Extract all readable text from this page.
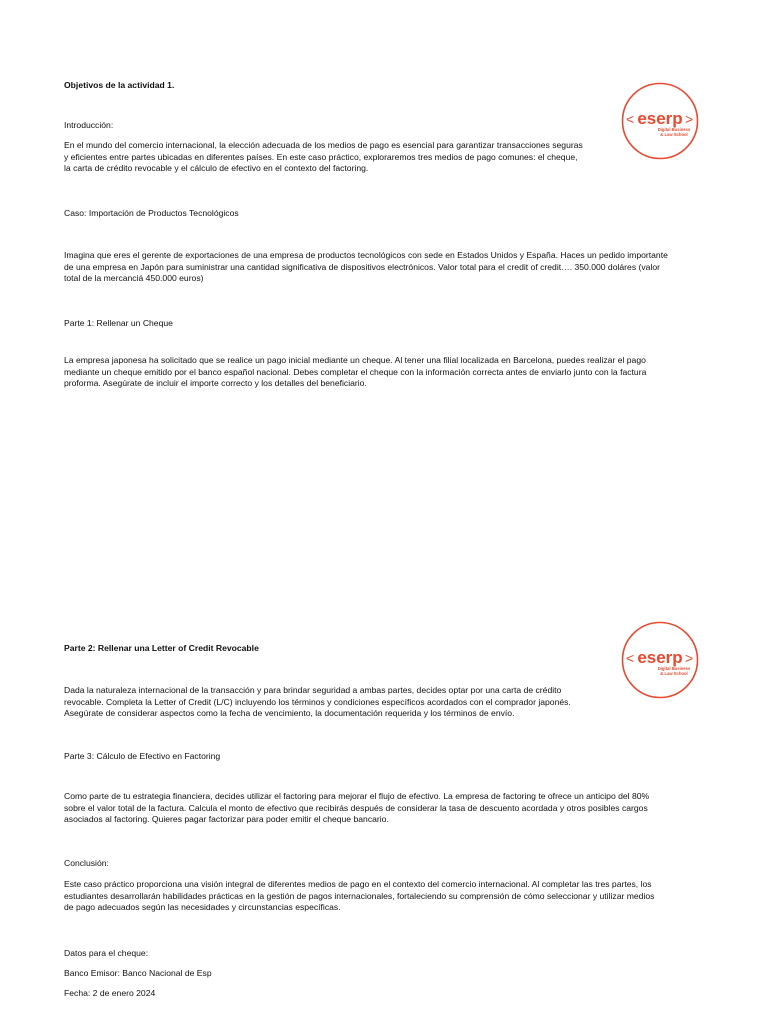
< eserp >
Digital Business
& Law School

Objetivos de la actividad 1.

Introducción:

En el mundo del comercio internacional, la elección adecuada de los medios de pago es esencial para garantizar transacciones seguras
y eficientes entre partes ubicadas en diferentes países. En este caso práctico, exploraremos tres medios de pago comunes: el cheque,
la carta de crédito revocable y el cálculo de efectivo en el contexto del factoring.

Caso: Importación de Productos Tecnológicos

Imagina que eres el gerente de exportaciones de una empresa de productos tecnológicos con sede en Estados Unidos y España. Haces un pedido importante
de una empresa en Japón para suministrar una cantidad significativa de dispositivos electrónicos. Valor total para el credit of credit…. 350.000 doláres (valor
total de la mercanciá 450.000 euros)

Parte 1: Rellenar un Cheque

La empresa japonesa ha solicitado que se realice un pago inicial mediante un cheque. Al tener una filial localizada en Barcelona, puedes realizar el pago
mediante un cheque emitido por el banco español nacional. Debes completar el cheque con la información correcta antes de enviarlo junto con la factura
proforma. Asegúrate de incluir el importe correcto y los detalles del beneficiario.
< eserp >
Digital Business
& Law School

Parte 2: Rellenar una Letter of Credit Revocable

Dada la naturaleza internacional de la transacción y para brindar seguridad a ambas partes, decides optar por una carta de crédito
revocable. Completa la Letter of Credit (L/C) incluyendo los términos y condiciones específicos acordados con el comprador japonés.
Asegúrate de considerar aspectos como la fecha de vencimiento, la documentación requerida y los términos de envío.

Parte 3: Cálculo de Efectivo en Factoring

Como parte de tu estrategia financiera, decides utilizar el factoring para mejorar el flujo de efectivo. La empresa de factoring te ofrece un anticipo del 80%
sobre el valor total de la factura. Calcula el monto de efectivo que recibirás después de considerar la tasa de descuento acordada y otros posibles cargos
asociados al factoring. Quieres pagar factorizar para poder emitir el cheque bancario.

Conclusión:

Este caso práctico proporciona una visión integral de diferentes medios de pago en el contexto del comercio internacional. Al completar las tres partes, los
estudiantes desarrollarán habilidades prácticas en la gestión de pagos internacionales, fortaleciendo su comprensión de cómo seleccionar y utilizar medios
de pago adecuados según las necesidades y circunstancias específicas.

Datos para el cheque:

Banco Emisor: Banco Nacional de Esp

Fecha: 2 de enero 2024
